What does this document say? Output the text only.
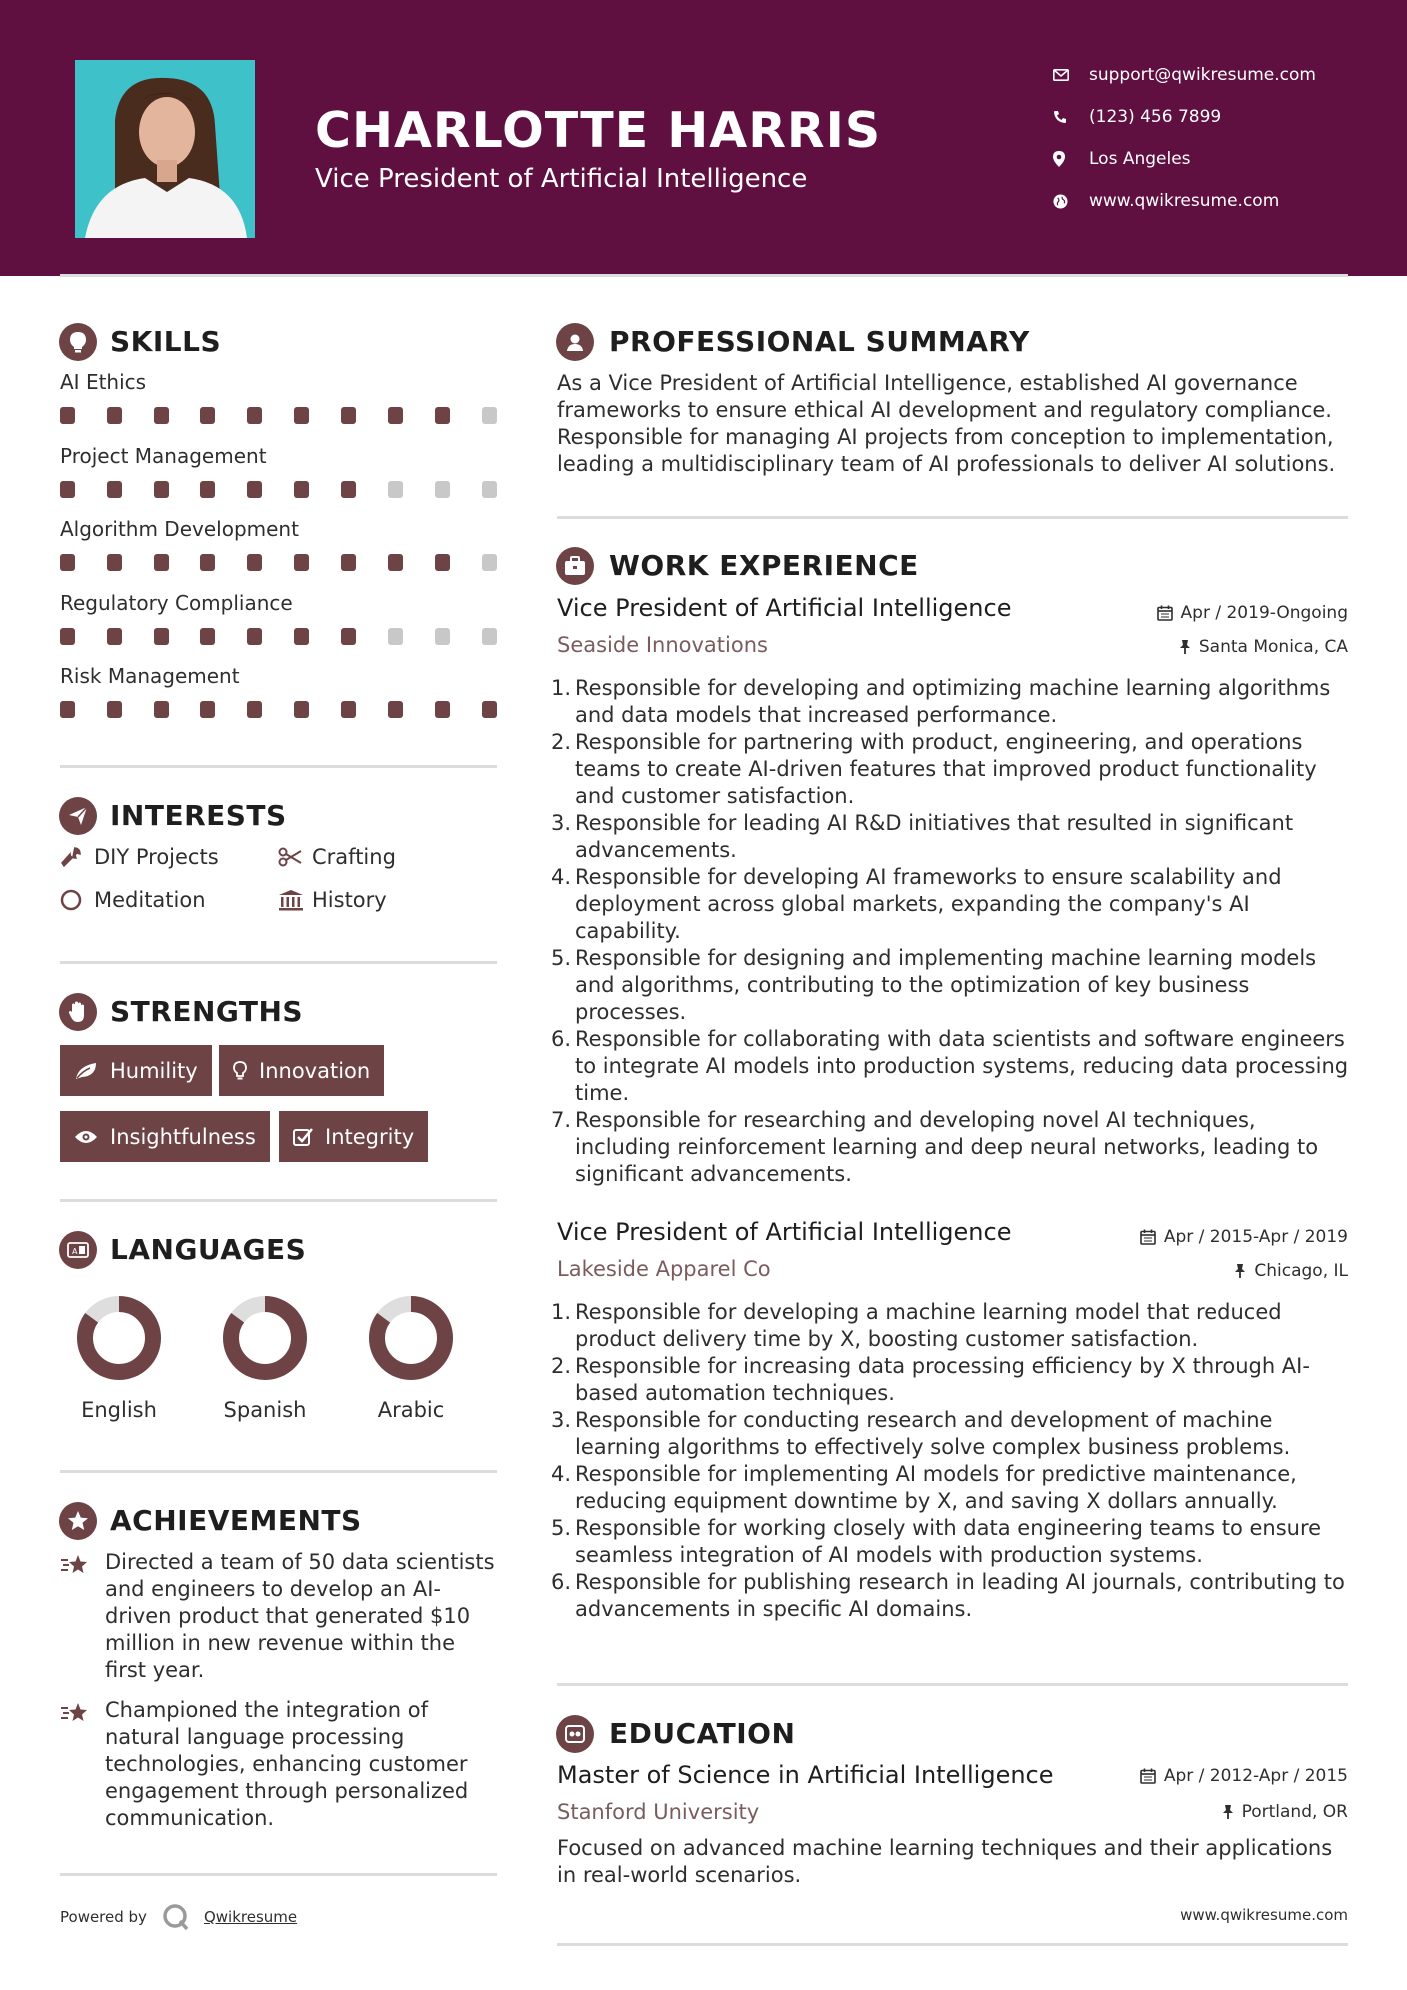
CHARLOTTE HARRIS
Vice President of Artificial Intelligence
support@qwikresume.com
(123) 456 7899
Los Angeles
www.qwikresume.com
SKILLS
AI Ethics
Project Management
Algorithm Development
Regulatory Compliance
Risk Management
INTERESTS
DIY Projects	Crafting
Meditation	History
STRENGTHS
Humility	Innovation
Insightfulness	Integrity
A LANGUAGES
English	Spanish	Arabic
ACHIEVEMENTS
Directed a team of 50 data scientists and engineers to develop an AI-driven product that generated $10 million in new revenue within the first year.
Championed the integration of natural language processing technologies, enhancing customer engagement through personalized communication.
Powered by	Qwikresume
PROFESSIONAL SUMMARY
As a Vice President of Artificial Intelligence, established AI governance frameworks to ensure ethical AI development and regulatory compliance. Responsible for managing AI projects from conception to implementation, leading a multidisciplinary team of AI professionals to deliver AI solutions.
WORK EXPERIENCE
Vice President of Artificial Intelligence	Apr / 2019-Ongoing
Seaside Innovations	Santa Monica, CA
1. Responsible for developing and optimizing machine learning algorithms and data models that increased performance.
2. Responsible for partnering with product, engineering, and operations teams to create AI-driven features that improved product functionality and customer satisfaction.
3. Responsible for leading AI R&D initiatives that resulted in significant advancements.
4. Responsible for developing AI frameworks to ensure scalability and deployment across global markets, expanding the company's AI capability.
5. Responsible for designing and implementing machine learning models and algorithms, contributing to the optimization of key business processes.
6. Responsible for collaborating with data scientists and software engineers to integrate AI models into production systems, reducing data processing time.
7. Responsible for researching and developing novel AI techniques, including reinforcement learning and deep neural networks, leading to significant advancements.
Vice President of Artificial Intelligence	Apr / 2015-Apr / 2019
Lakeside Apparel Co	Chicago, IL
1. Responsible for developing a machine learning model that reduced product delivery time by X, boosting customer satisfaction.
2. Responsible for increasing data processing efficiency by X through AI-based automation techniques.
3. Responsible for conducting research and development of machine learning algorithms to effectively solve complex business problems.
4. Responsible for implementing AI models for predictive maintenance, reducing equipment downtime by X, and saving X dollars annually.
5. Responsible for working closely with data engineering teams to ensure seamless integration of AI models with production systems.
6. Responsible for publishing research in leading AI journals, contributing to advancements in specific AI domains.
EDUCATION
Master of Science in Artificial Intelligence	Apr / 2012-Apr / 2015
Stanford University	Portland, OR
Focused on advanced machine learning techniques and their applications in real-world scenarios.
www.qwikresume.com
